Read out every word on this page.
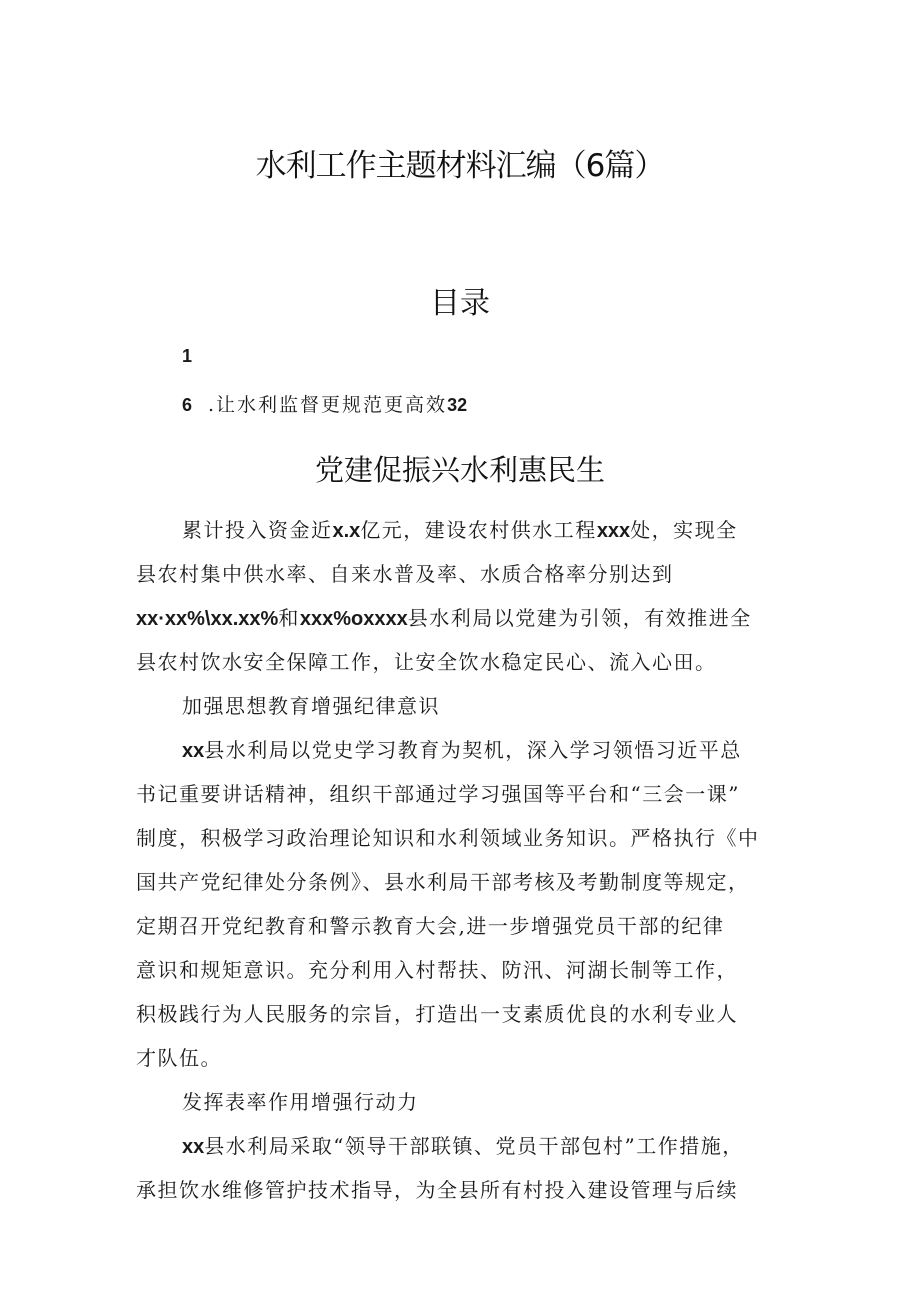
水利工作主题材料汇编（6篇）
目录
1
6 .让水利监督更规范更高效32
党建促振兴水利惠民生
累计投入资金近x.x亿元，建设农村供水工程xxx处，实现全
县农村集中供水率、自来水普及率、水质合格率分别达到
xx·xx%\xx.xx%和xxx%oxxxx县水利局以党建为引领，有效推进全
县农村饮水安全保障工作，让安全饮水稳定民心、流入心田。
加强思想教育增强纪律意识
xx县水利局以党史学习教育为契机，深入学习领悟习近平总
书记重要讲话精神，组织干部通过学习强国等平台和“三会一课”
制度，积极学习政治理论知识和水利领域业务知识。严格执行《中
国共产党纪律处分条例》、县水利局干部考核及考勤制度等规定，
定期召开党纪教育和警示教育大会,进一步增强党员干部的纪律
意识和规矩意识。充分利用入村帮扶、防汛、河湖长制等工作，
积极践行为人民服务的宗旨，打造出一支素质优良的水利专业人
才队伍。
发挥表率作用增强行动力
xx县水利局采取“领导干部联镇、党员干部包村”工作措施，
承担饮水维修管护技术指导，为全县所有村投入建设管理与后续
